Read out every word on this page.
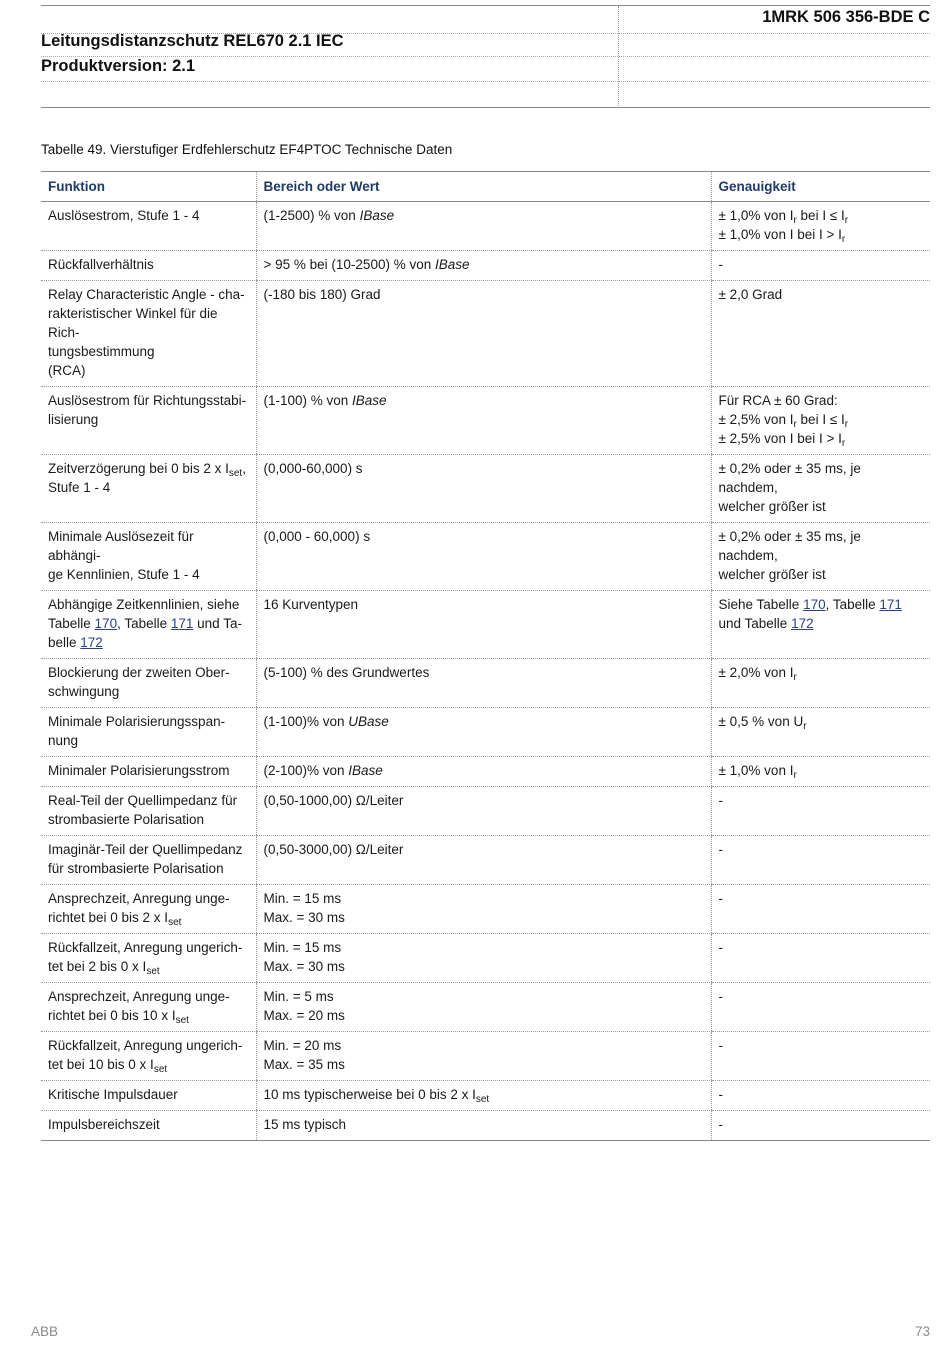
1MRK 506 356-BDE C
Leitungsdistanzschutz REL670 2.1 IEC
Produktversion: 2.1
Tabelle 49. Vierstufiger Erdfehlerschutz EF4PTOC Technische Daten
Funktion	Bereich oder Wert	Genauigkeit
Auslösestrom, Stufe 1 - 4	(1-2500) % von IBase	± 1,0% von $I_r$ bei $I \le I_r$
± 1,0% von I bei $I > I_r$
Rückfallverhältnis	> 95 % bei (10-2500) % von IBase	-
Relay Characteristic Angle - cha-
rakteristischer Winkel für die Rich-
tungsbestimmung
(RCA)	(-180 bis 180) Grad	± 2,0 Grad
Auslösestrom für Richtungsstabi-
lisierung	(1-100) % von IBase	Für RCA ± 60 Grad:
± 2,5% von $I_r$ bei $I \le I_r$
± 2,5% von I bei $I > I_r$
Zeitverzögerung bei 0 bis 2 x $I_{set}$,
Stufe 1 - 4	(0,000-60,000) s	± 0,2% oder ± 35 ms, je nachdem,
welcher größer ist
Minimale Auslösezeit für abhängi-
ge Kennlinien, Stufe 1 - 4	(0,000 - 60,000) s	± 0,2% oder ± 35 ms, je nachdem,
welcher größer ist
Abhängige Zeitkennlinien, siehe
Tabelle 170, Tabelle 171 und Ta-
belle 172	16 Kurventypen	Siehe Tabelle 170, Tabelle 171
und Tabelle 172
Blockierung der zweiten Ober-
schwingung	(5-100) % des Grundwertes	± 2,0% von $I_r$
Minimale Polarisierungsspan-
nung	(1-100)% von UBase	± 0,5 % von $U_r$
Minimaler Polarisierungsstrom	(2-100)% von IBase	± 1,0% von $I_r$
Real-Teil der Quellimpedanz für
strombasierte Polarisation	(0,50-1000,00) Ω/Leiter	-
Imaginär-Teil der Quellimpedanz
für strombasierte Polarisation	(0,50-3000,00) Ω/Leiter	-
Ansprechzeit, Anregung unge-
richtet bei 0 bis 2 x $I_{set}$	Min. = 15 ms
Max. = 30 ms	-
Rückfallzeit, Anregung ungerich-
tet bei 2 bis 0 x $I_{set}$	Min. = 15 ms
Max. = 30 ms	-
Ansprechzeit, Anregung unge-
richtet bei 0 bis 10 x $I_{set}$	Min. = 5 ms
Max. = 20 ms	-
Rückfallzeit, Anregung ungerich-
tet bei 10 bis 0 x $I_{set}$	Min. = 20 ms
Max. = 35 ms	-
Kritische Impulsdauer	10 ms typischerweise bei 0 bis 2 x $I_{set}$	-
Impulsbereichszeit	15 ms typisch	-
ABB	73
